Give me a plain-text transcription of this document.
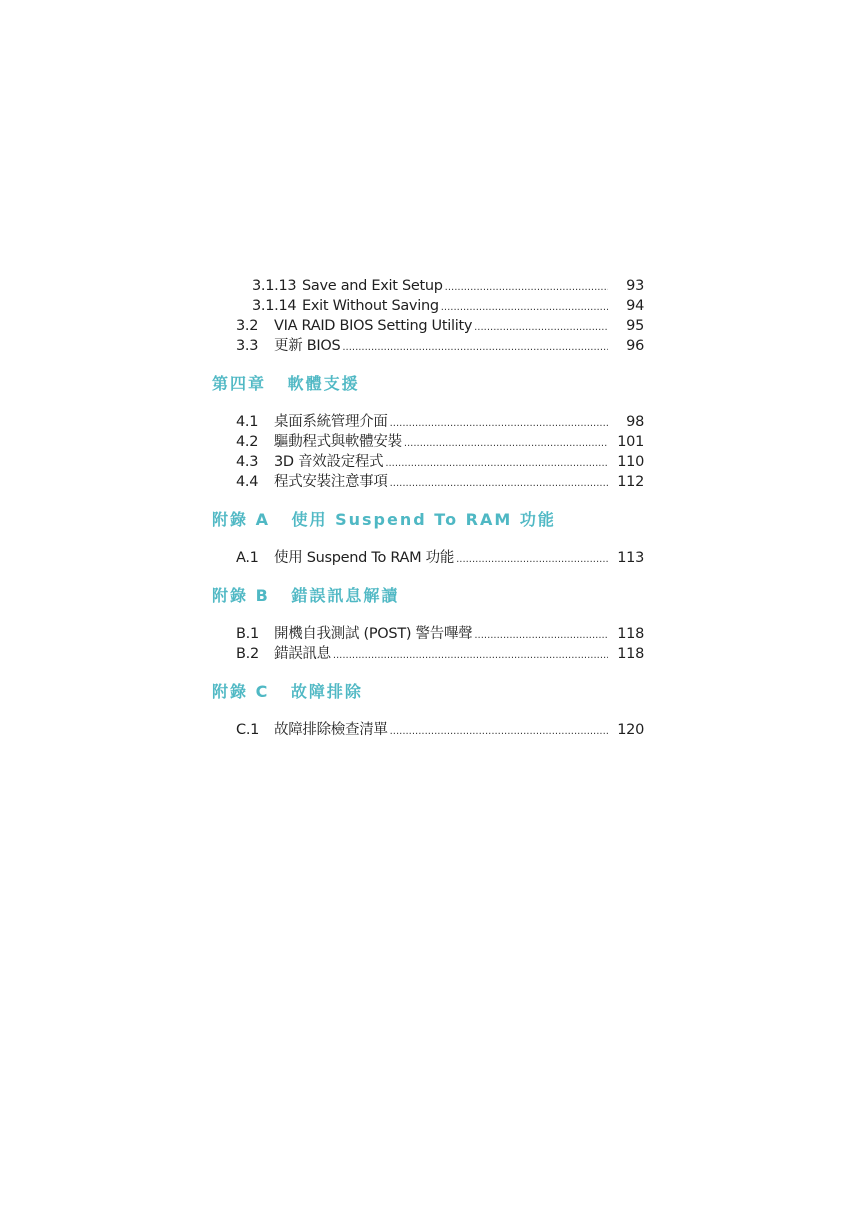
3.1.13 Save and Exit Setup .....	93
3.1.14 Exit Without Saving .....	94
3.2	VIA RAID BIOS Setting Utility .....	95
3.3	更新 BIOS .....	96
第四章 軟體支援
4.1	桌面系統管理介面 .....	98
4.2	驅動程式與軟體安裝 .....	101
4.3	3D 音效設定程式 .....	110
4.4	程式安裝注意事項 .....	112
附錄 A 使用 Suspend To RAM 功能
A.1	使用 Suspend To RAM 功能 .....	113
附錄 B 錯誤訊息解讀
B.1	開機自我測試 (POST) 警告嗶聲 .....	118
B.2	錯誤訊息 .....	118
附錄 C 故障排除
C.1	故障排除檢查清單 .....	120
